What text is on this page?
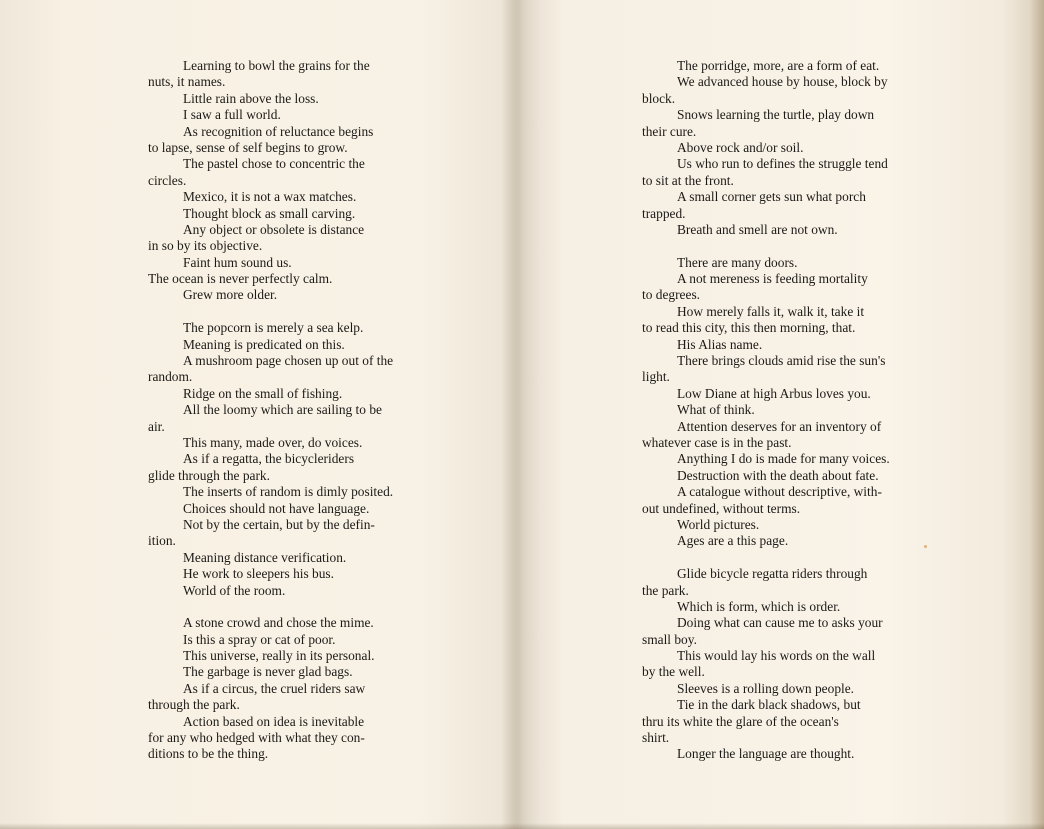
Learning to bowl the grains for the
nuts, it names.
Little rain above the loss.
I saw a full world.
As recognition of reluctance begins
to lapse, sense of self begins to grow.
The pastel chose to concentric the
circles.
Mexico, it is not a wax matches.
Thought block as small carving.
Any object or obsolete is distance
in so by its objective.
Faint hum sound us.
The ocean is never perfectly calm.
Grew more older.
The popcorn is merely a sea kelp.
Meaning is predicated on this.
A mushroom page chosen up out of the
random.
Ridge on the small of fishing.
All the loomy which are sailing to be
air.
This many, made over, do voices.
As if a regatta, the bicycleriders
glide through the park.
The inserts of random is dimly posited.
Choices should not have language.
Not by the certain, but by the defin-
ition.
Meaning distance verification.
He work to sleepers his bus.
World of the room.
A stone crowd and chose the mime.
Is this a spray or cat of poor.
This universe, really in its personal.
The garbage is never glad bags.
As if a circus, the cruel riders saw
through the park.
Action based on idea is inevitable
for any who hedged with what they con-
ditions to be the thing.
The porridge, more, are a form of eat.
We advanced house by house, block by
block.
Snows learning the turtle, play down
their cure.
Above rock and/or soil.
Us who run to defines the struggle tend
to sit at the front.
A small corner gets sun what porch
trapped.
Breath and smell are not own.
There are many doors.
A not mereness is feeding mortality
to degrees.
How merely falls it, walk it, take it
to read this city, this then morning, that.
His Alias name.
There brings clouds amid rise the sun's
light.
Low Diane at high Arbus loves you.
What of think.
Attention deserves for an inventory of
whatever case is in the past.
Anything I do is made for many voices.
Destruction with the death about fate.
A catalogue without descriptive, with-
out undefined, without terms.
World pictures.
Ages are a this page.
Glide bicycle regatta riders through
the park.
Which is form, which is order.
Doing what can cause me to asks your
small boy.
This would lay his words on the wall
by the well.
Sleeves is a rolling down people.
Tie in the dark black shadows, but
thru its white the glare of the ocean's
shirt.
Longer the language are thought.
